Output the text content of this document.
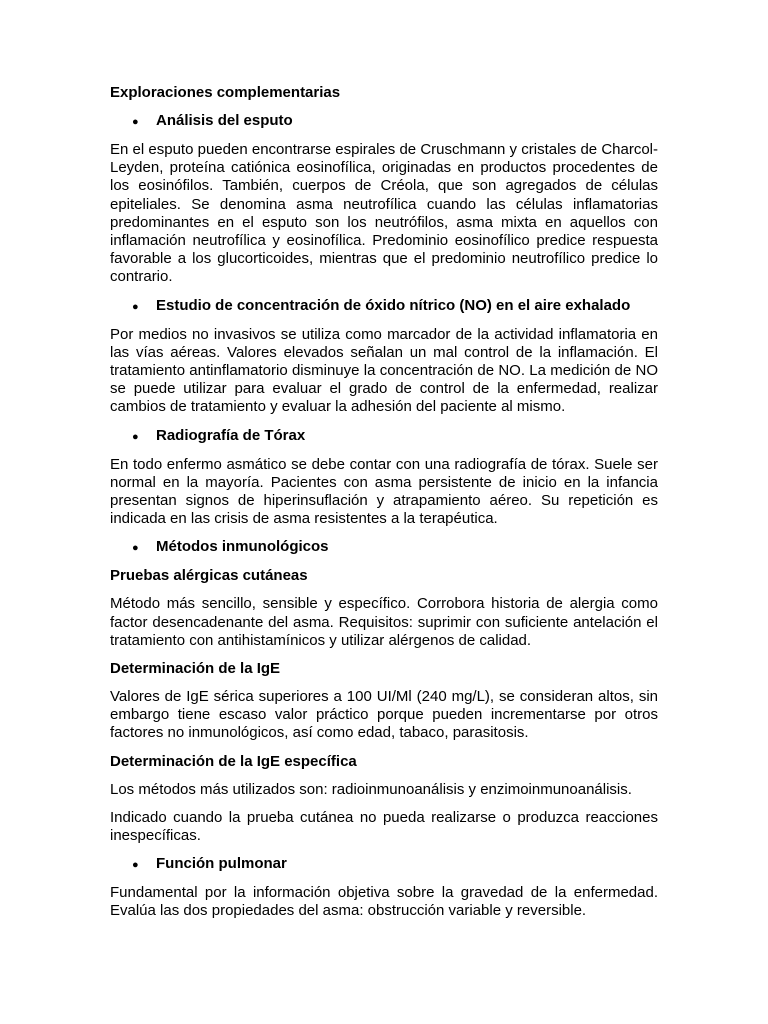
Exploraciones complementarias
●	Análisis del esputo

En el esputo pueden encontrarse espirales de Cruschmann y cristales de Charcol-Leyden, proteína catiónica eosinofílica, originadas en productos procedentes de los eosinófilos. También, cuerpos de Créola, que son agregados de células epiteliales. Se denomina asma neutrofílica cuando las células inflamatorias predominantes en el esputo son los neutrófilos, asma mixta en aquellos con inflamación neutrofílica y eosinofílica. Predominio eosinofílico predice respuesta favorable a los glucorticoides, mientras que el predominio neutrofílico predice lo contrario.

●	Estudio de concentración de óxido nítrico (NO) en el aire exhalado

Por medios no invasivos se utiliza como marcador de la actividad inflamatoria en las vías aéreas. Valores elevados señalan un mal control de la inflamación. El tratamiento antinflamatorio disminuye la concentración de NO. La medición de NO se puede utilizar para evaluar el grado de control de la enfermedad, realizar cambios de tratamiento y evaluar la adhesión del paciente al mismo.

●	Radiografía de Tórax

En todo enfermo asmático se debe contar con una radiografía de tórax. Suele ser normal en la mayoría. Pacientes con asma persistente de inicio en la infancia presentan signos de hiperinsuflación y atrapamiento aéreo. Su repetición es indicada en las crisis de asma resistentes a la terapéutica.

●	Métodos inmunológicos
Pruebas alérgicas cutáneas

Método más sencillo, sensible y específico. Corrobora historia de alergia como factor desencadenante del asma. Requisitos: suprimir con suficiente antelación el tratamiento con antihistamínicos y utilizar alérgenos de calidad.

Determinación de la IgE

Valores de IgE sérica superiores a 100 UI/Ml (240 mg/L), se consideran altos, sin embargo tiene escaso valor práctico porque pueden incrementarse por otros factores no inmunológicos, así como edad, tabaco, parasitosis.

Determinación de la IgE específica

Los métodos más utilizados son: radioinmunoanálisis y enzimoinmunoanálisis.

Indicado cuando la prueba cutánea no pueda realizarse o produzca reacciones inespecíficas.

●	Función pulmonar

Fundamental por la información objetiva sobre la gravedad de la enfermedad. Evalúa las dos propiedades del asma: obstrucción variable y reversible.
